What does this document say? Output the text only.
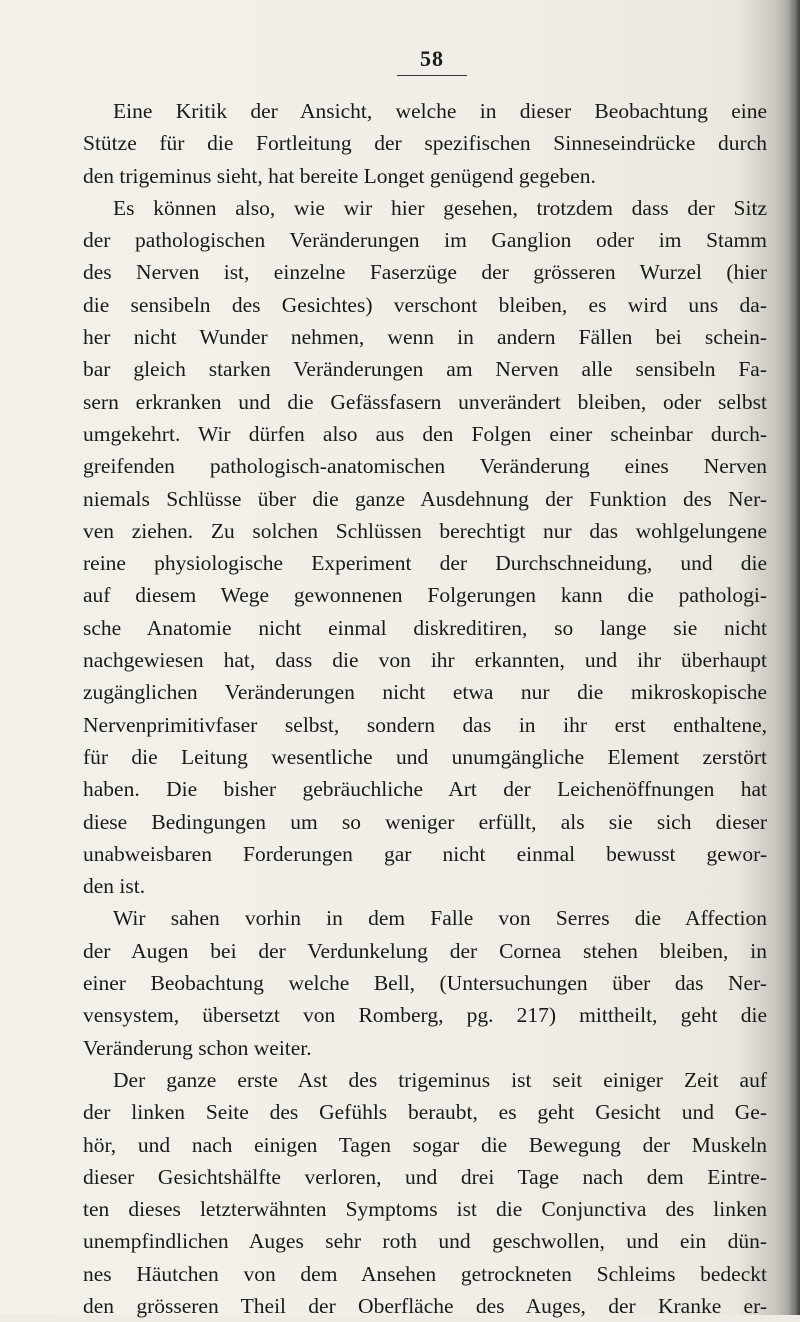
58
Eine Kritik der Ansicht, welche in dieser Beobachtung eine
Stütze für die Fortleitung der spezifischen Sinneseindrücke durch
den trigeminus sieht, hat bereite Longet genügend gegeben.
Es können also, wie wir hier gesehen, trotzdem dass der Sitz
der pathologischen Veränderungen im Ganglion oder im Stamm
des Nerven ist, einzelne Faserzüge der grösseren Wurzel (hier
die sensibeln des Gesichtes) verschont bleiben, es wird uns da-
her nicht Wunder nehmen, wenn in andern Fällen bei schein-
bar gleich starken Veränderungen am Nerven alle sensibeln Fa-
sern erkranken und die Gefässfasern unverändert bleiben, oder selbst
umgekehrt. Wir dürfen also aus den Folgen einer scheinbar durch-
greifenden pathologisch-anatomischen Veränderung eines Nerven
niemals Schlüsse über die ganze Ausdehnung der Funktion des Ner-
ven ziehen. Zu solchen Schlüssen berechtigt nur das wohlgelungene
reine physiologische Experiment der Durchschneidung, und die
auf diesem Wege gewonnenen Folgerungen kann die pathologi-
sche Anatomie nicht einmal diskreditiren, so lange sie nicht
nachgewiesen hat, dass die von ihr erkannten, und ihr überhaupt
zugänglichen Veränderungen nicht etwa nur die mikroskopische
Nervenprimitivfaser selbst, sondern das in ihr erst enthaltene,
für die Leitung wesentliche und unumgängliche Element zerstört
haben. Die bisher gebräuchliche Art der Leichenöffnungen hat
diese Bedingungen um so weniger erfüllt, als sie sich dieser
unabweisbaren Forderungen gar nicht einmal bewusst gewor-
den ist.
Wir sahen vorhin in dem Falle von Serres die Affection
der Augen bei der Verdunkelung der Cornea stehen bleiben, in
einer Beobachtung welche Bell, (Untersuchungen über das Ner-
vensystem, übersetzt von Romberg, pg. 217) mittheilt, geht die
Veränderung schon weiter.
Der ganze erste Ast des trigeminus ist seit einiger Zeit auf
der linken Seite des Gefühls beraubt, es geht Gesicht und Ge-
hör, und nach einigen Tagen sogar die Bewegung der Muskeln
dieser Gesichtshälfte verloren, und drei Tage nach dem Eintre-
ten dieses letzterwähnten Symptoms ist die Conjunctiva des linken
unempfindlichen Auges sehr roth und geschwollen, und ein dün-
nes Häutchen von dem Ansehen getrockneten Schleims bedeckt
den grösseren Theil der Oberfläche des Auges, der Kranke er-
